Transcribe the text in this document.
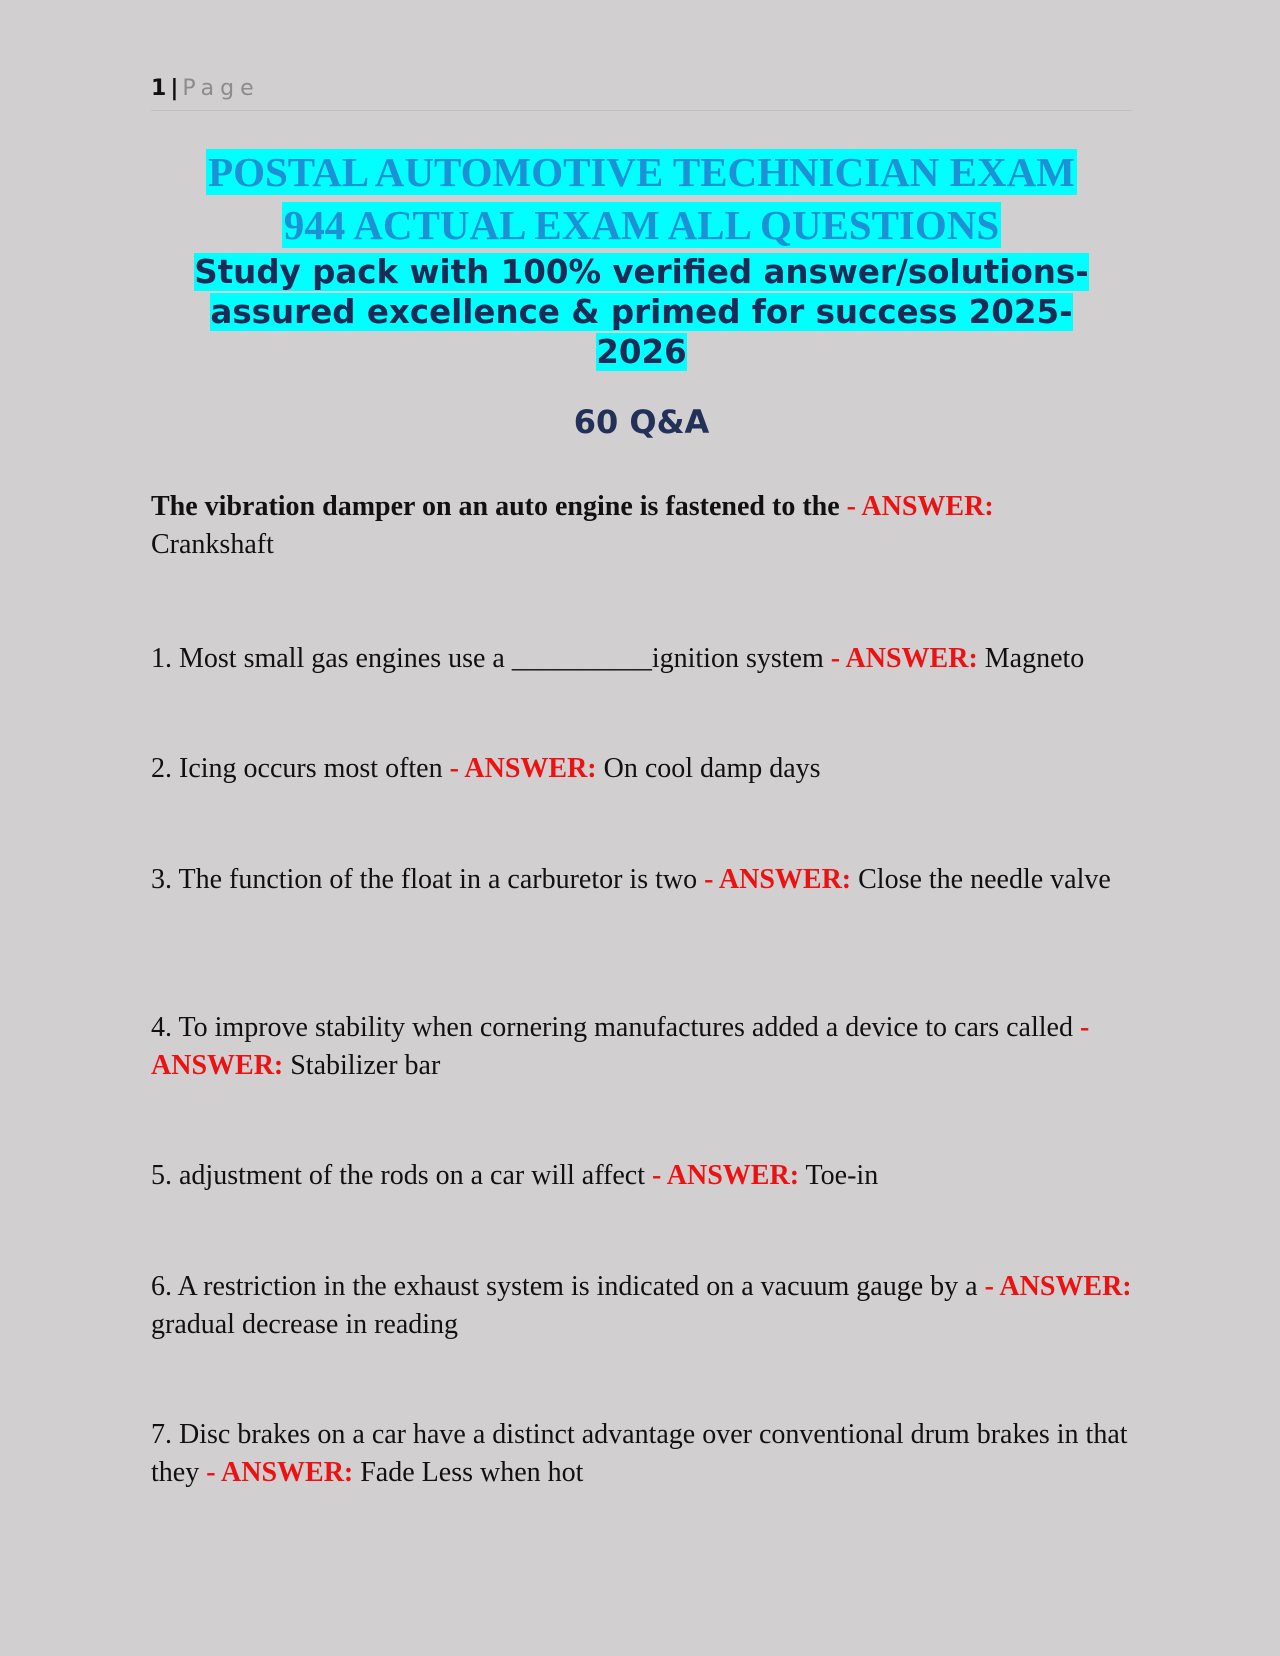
1 | Page

POSTAL AUTOMOTIVE TECHNICIAN EXAM
944 ACTUAL EXAM ALL QUESTIONS

Study pack with 100% verified answer/solutions-
assured excellence & primed for success 2025-
2026

60 Q&A

The vibration damper on an auto engine is fastened to the - ANSWER:
Crankshaft

1. Most small gas engines use a __________ignition system - ANSWER: Magneto

2. Icing occurs most often - ANSWER: On cool damp days

3. The function of the float in a carburetor is two - ANSWER: Close the needle valve

4. To improve stability when cornering manufactures added a device to cars called - ANSWER: Stabilizer bar

5. adjustment of the rods on a car will affect - ANSWER: Toe-in

6. A restriction in the exhaust system is indicated on a vacuum gauge by a - ANSWER: gradual decrease in reading

7. Disc brakes on a car have a distinct advantage over conventional drum brakes in that they - ANSWER: Fade Less when hot
